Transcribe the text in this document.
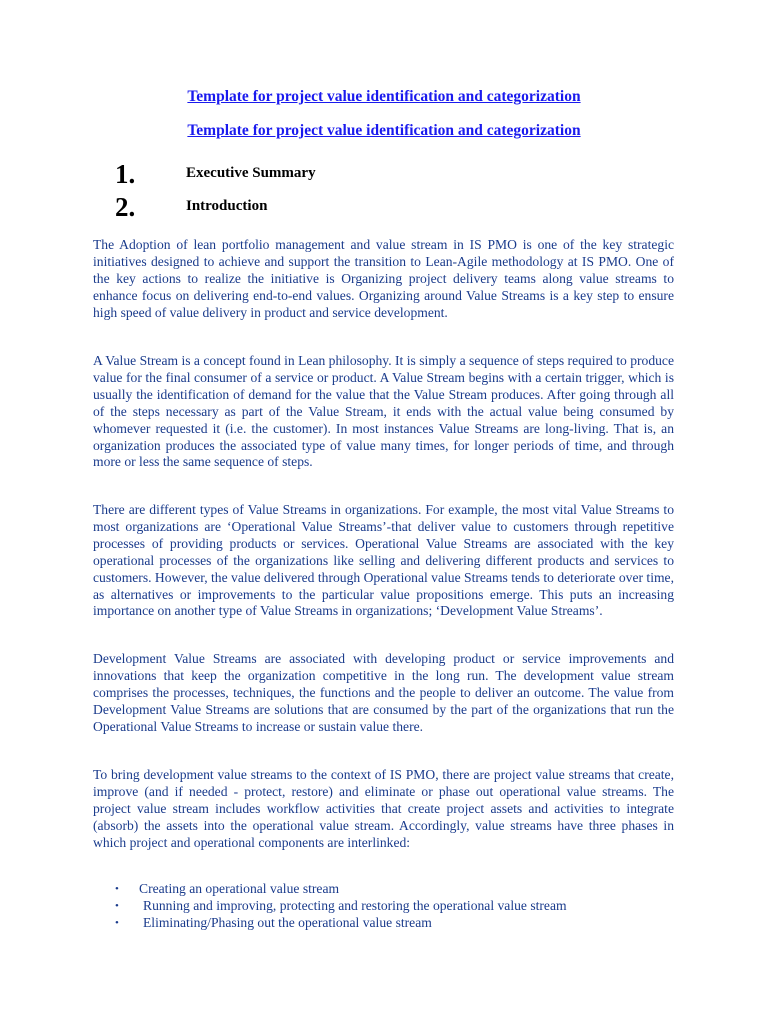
Template for project value identification and categorization
Template for project value identification and categorization
1.	Executive Summary
2.	Introduction

The Adoption of lean portfolio management and value stream in IS PMO is one of the key strategic initiatives designed to achieve and support the transition to Lean-Agile methodology at IS PMO. One of the key actions to realize the initiative is Organizing project delivery teams along value streams to enhance focus on delivering end-to-end values. Organizing around Value Streams is a key step to ensure high speed of value delivery in product and service development.

A Value Stream is a concept found in Lean philosophy. It is simply a sequence of steps required to produce value for the final consumer of a service or product. A Value Stream begins with a certain trigger, which is usually the identification of demand for the value that the Value Stream produces. After going through all of the steps necessary as part of the Value Stream, it ends with the actual value being consumed by whomever requested it (i.e. the customer). In most instances Value Streams are long-living. That is, an organization produces the associated type of value many times, for longer periods of time, and through more or less the same sequence of steps.

There are different types of Value Streams in organizations. For example, the most vital Value Streams to most organizations are ‘Operational Value Streams’-that deliver value to customers through repetitive processes of providing products or services. Operational Value Streams are associated with the key operational processes of the organizations like selling and delivering different products and services to customers. However, the value delivered through Operational value Streams tends to deteriorate over time, as alternatives or improvements to the particular value propositions emerge. This puts an increasing importance on another type of Value Streams in organizations; ‘Development Value Streams’.

Development Value Streams are associated with developing product or service improvements and innovations that keep the organization competitive in the long run. The development value stream comprises the processes, techniques, the functions and the people to deliver an outcome. The value from Development Value Streams are solutions that are consumed by the part of the organizations that run the Operational Value Streams to increase or sustain value there.

To bring development value streams to the context of IS PMO, there are project value streams that create, improve (and if needed - protect, restore) and eliminate or phase out operational value streams. The project value stream includes workflow activities that create project assets and activities to integrate (absorb) the assets into the operational value stream. Accordingly, value streams have three phases in which project and operational components are interlinked:

• Creating an operational value stream
• Running and improving, protecting and restoring the operational value stream
• Eliminating/Phasing out the operational value stream
